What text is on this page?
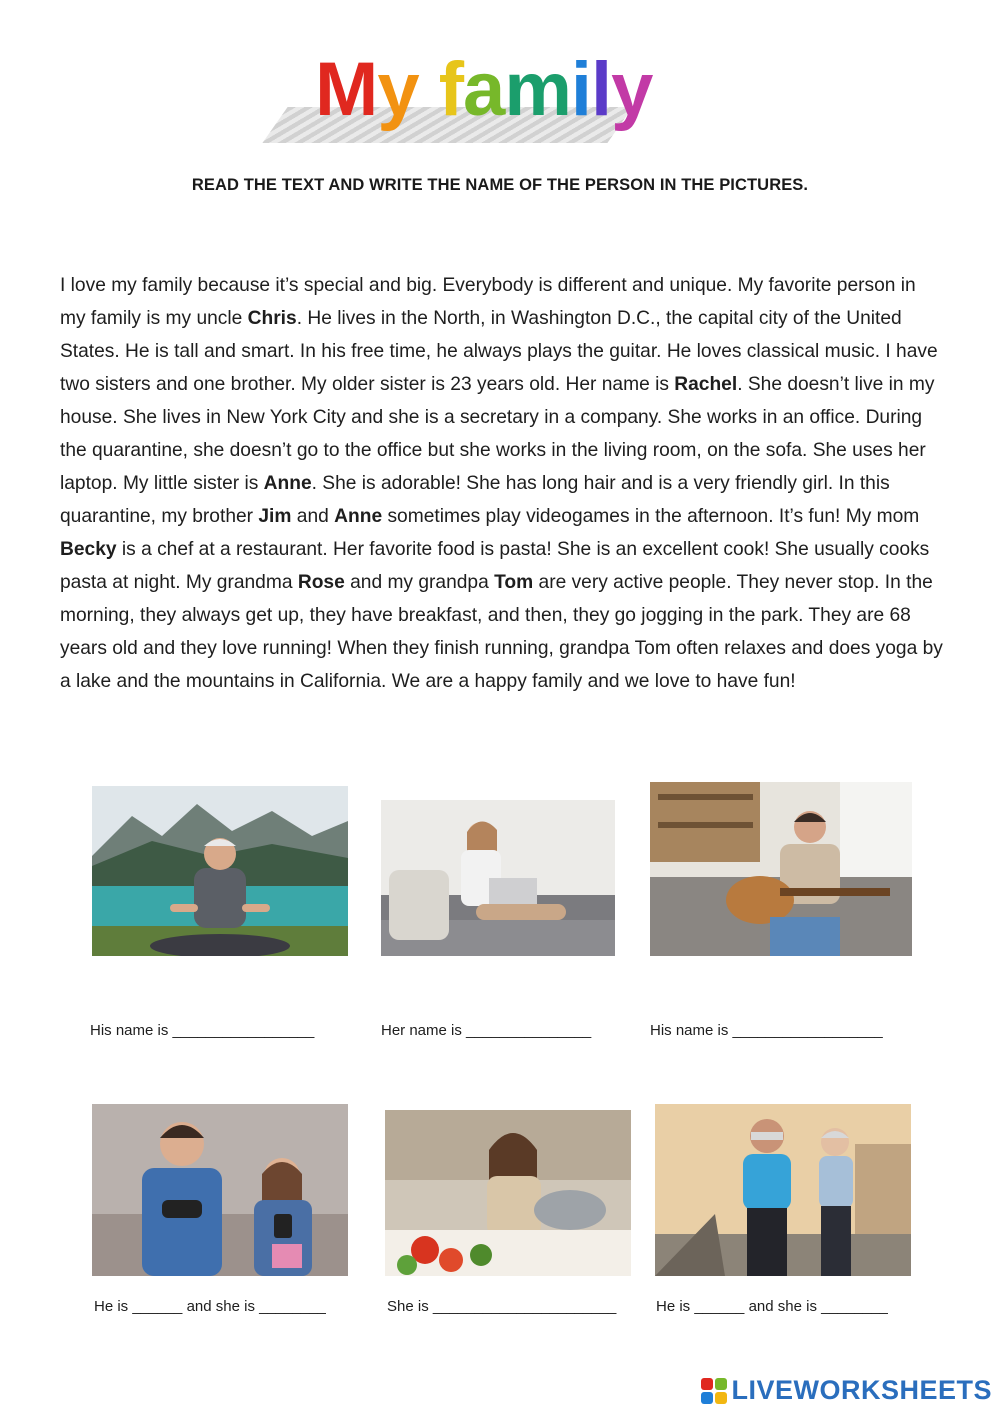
My family
READ THE TEXT AND WRITE THE NAME OF THE PERSON IN THE PICTURES.
I love my family because it’s special and big. Everybody is different and unique. My favorite person in my family is my uncle Chris. He lives in the North, in Washington D.C., the capital city of the United States. He is tall and smart. In his free time, he always plays the guitar. He loves classical music. I have two sisters and one brother. My older sister is 23 years old. Her name is Rachel. She doesn’t live in my house. She lives in New York City and she is a secretary in a company. She works in an office. During the quarantine, she doesn’t go to the office but she works in the living room, on the sofa. She uses her laptop. My little sister is Anne. She is adorable! She has long hair and is a very friendly girl. In this quarantine, my brother Jim and Anne sometimes play videogames in the afternoon. It’s fun! My mom Becky is a chef at a restaurant. Her favorite food is pasta! She is an excellent cook! She usually cooks pasta at night. My grandma Rose and my grandpa Tom are very active people. They never stop. In the morning, they always get up, they have breakfast, and then, they go jogging in the park. They are 68 years old and they love running! When they finish running, grandpa Tom often relaxes and does yoga by a lake and the mountains in California. We are a happy family and we love to have fun!
His name is _________________	Her name is _______________	His name is __________________
He is ______ and she is ________	She is ______________________	He is ______ and she is ________
LIVEWORKSHEETS
